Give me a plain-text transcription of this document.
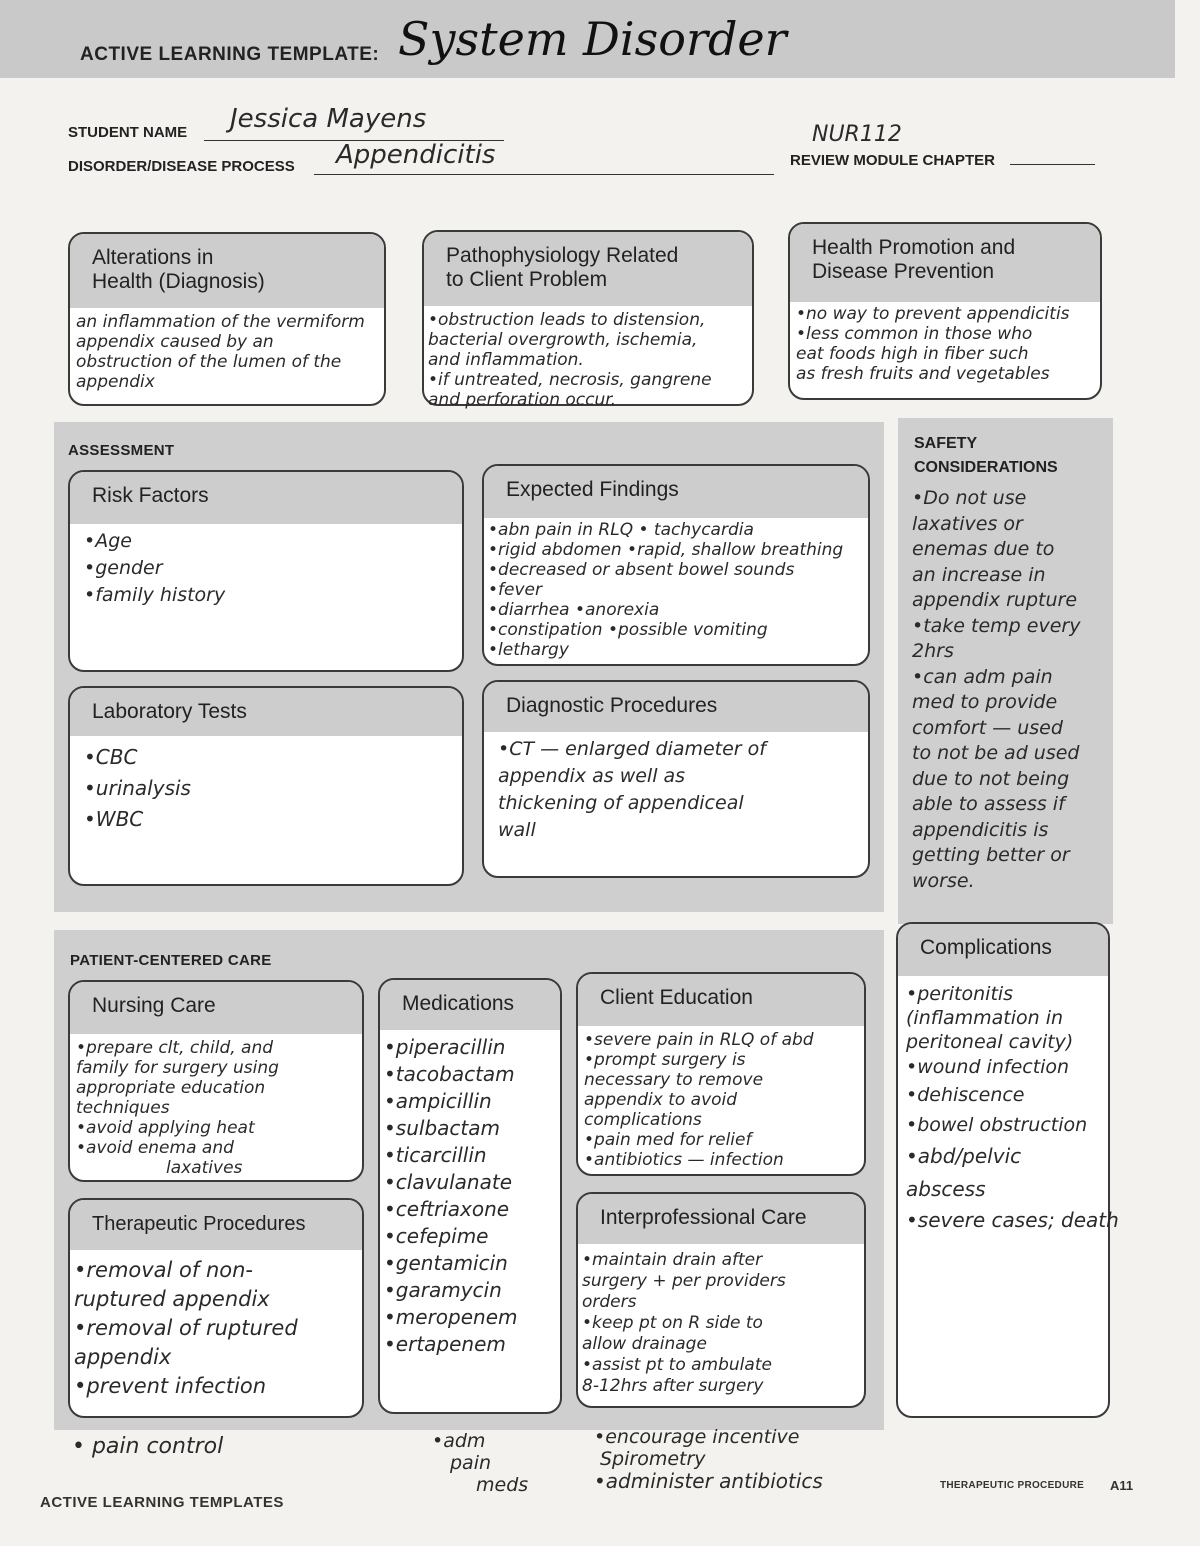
ACTIVE LEARNING TEMPLATE: System Disorder
STUDENT NAME Jessica Mayens
DISORDER/DISEASE PROCESS Appendicitis
NUR112
REVIEW MODULE CHAPTER
Alterations in
Health (Diagnosis)
an inflammation of the vermiform
appendix caused by an
obstruction of the lumen of the
appendix
Pathophysiology Related
to Client Problem
•obstruction leads to distension,
bacterial overgrowth, ischemia,
and inflammation.
•if untreated, necrosis, gangrene
and perforation occur.
Health Promotion and
Disease Prevention
•no way to prevent appendicitis
•less common in those who
eat foods high in fiber such
as fresh fruits and vegetables
ASSESSMENT
Risk Factors
•Age
•gender
•family history
Expected Findings
•abn pain in RLQ • tachycardia
•rigid abdomen •rapid, shallow breathing
•decreased or absent bowel sounds
•fever
•diarrhea •anorexia
•constipation •possible vomiting
•lethargy
Laboratory Tests
•CBC
•urinalysis
•WBC
Diagnostic Procedures
•CT — enlarged diameter of
appendix as well as
thickening of appendiceal
wall
SAFETY
CONSIDERATIONS
•Do not use
laxatives or
enemas due to
an increase in
appendix rupture
•take temp every
2hrs
•can adm pain
med to provide
comfort — used
to not be ad used
due to not being
able to assess if
appendicitis is
getting better or
worse.
Complications
•peritonitis
(inflammation in
peritoneal cavity)
•wound infection
•dehiscence
•bowel obstruction
•abd/pelvic
abscess
•severe cases; death
PATIENT-CENTERED CARE
Nursing Care
•prepare clt, child, and
family for surgery using
appropriate education
techniques
•avoid applying heat
•avoid enema and
laxatives
Medications
•piperacillin
•tacobactam
•ampicillin
•sulbactam
•ticarcillin
•clavulanate
•ceftriaxone
•cefepime
•gentamicin
•garamycin
•meropenem
•ertapenem
Client Education
•severe pain in RLQ of abd
•prompt surgery is
necessary to remove
appendix to avoid
complications
•pain med for relief
•antibiotics — infection
Therapeutic Procedures
•removal of non-
ruptured appendix
•removal of ruptured
appendix
•prevent infection
Interprofessional Care
•maintain drain after
surgery + per providers
orders
•keep pt on R side to
allow drainage
•assist pt to ambulate
8-12hrs after surgery
• pain control	•adm
pain
meds
•encourage incentive
Spirometry
•administer antibiotics
ACTIVE LEARNING TEMPLATES
THERAPEUTIC PROCEDURE A11
